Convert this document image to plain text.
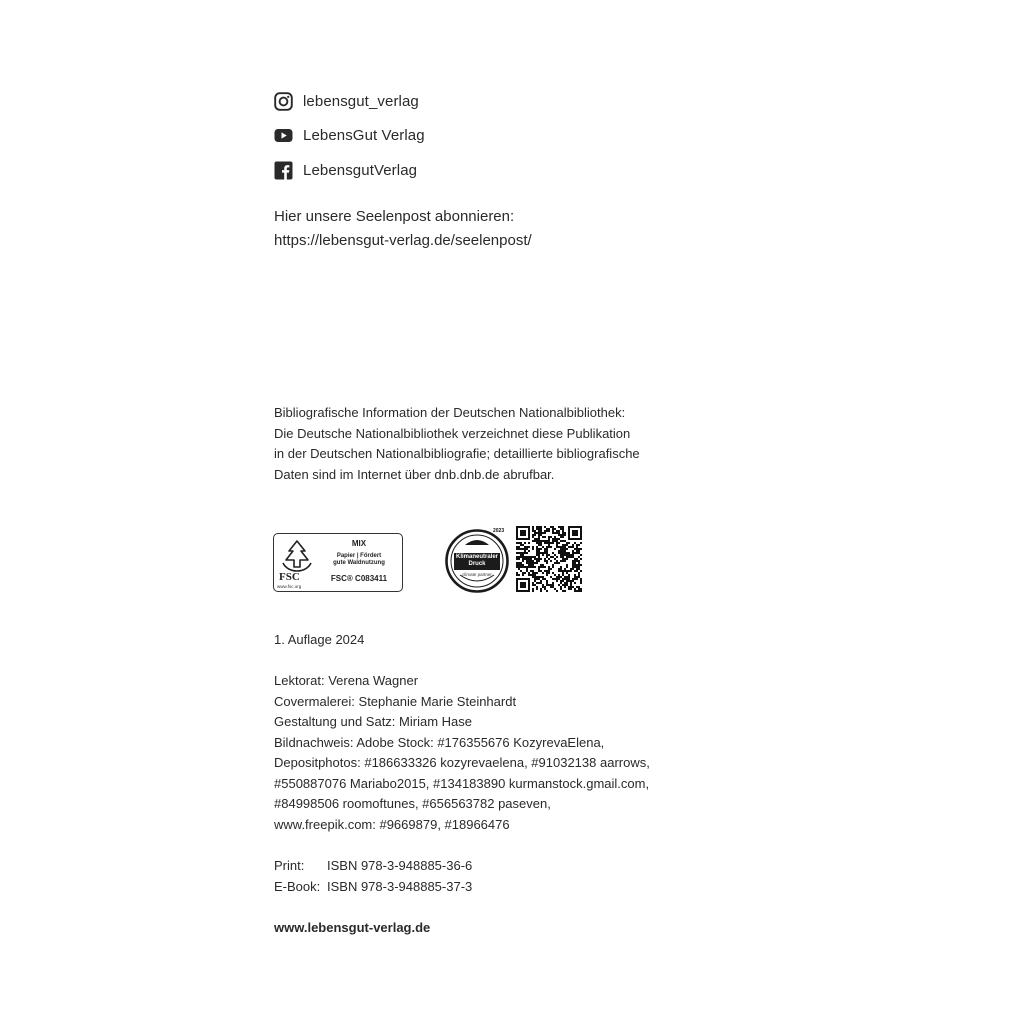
lebensgut_verlag
LebensGut Verlag
LebensgutVerlag
Hier unsere Seelenpost abonnieren:
https://lebensgut-verlag.de/seelenpost/
Bibliografische Information der Deutschen Nationalbibliothek:
Die Deutsche Nationalbibliothek verzeichnet diese Publikation
in der Deutschen Nationalbibliografie; detaillierte bibliografische
Daten sind im Internet über dnb.dnb.de abrufbar.
FSC
www.fsc.org
MIX
Papier | Fördert
gute Waldnutzung
FSC® C083411
2023
Klimaneutraler
Druck
climate partner
1. Auflage 2024
Lektorat: Verena Wagner
Covermalerei: Stephanie Marie Steinhardt
Gestaltung und Satz: Miriam Hase
Bildnachweis: Adobe Stock: #176355676 KozyrevaElena,
Depositphotos: #186633326 kozyrevaelena, #91032138 aarrows,
#550887076 Mariabo2015, #134183890 kurmanstock.gmail.com,
#84998506 roomoftunes, #656563782 paseven,
www.freepik.com: #9669879, #18966476
Print:	ISBN 978-3-948885-36-6
E-Book: ISBN 978-3-948885-37-3
www.lebensgut-verlag.de
